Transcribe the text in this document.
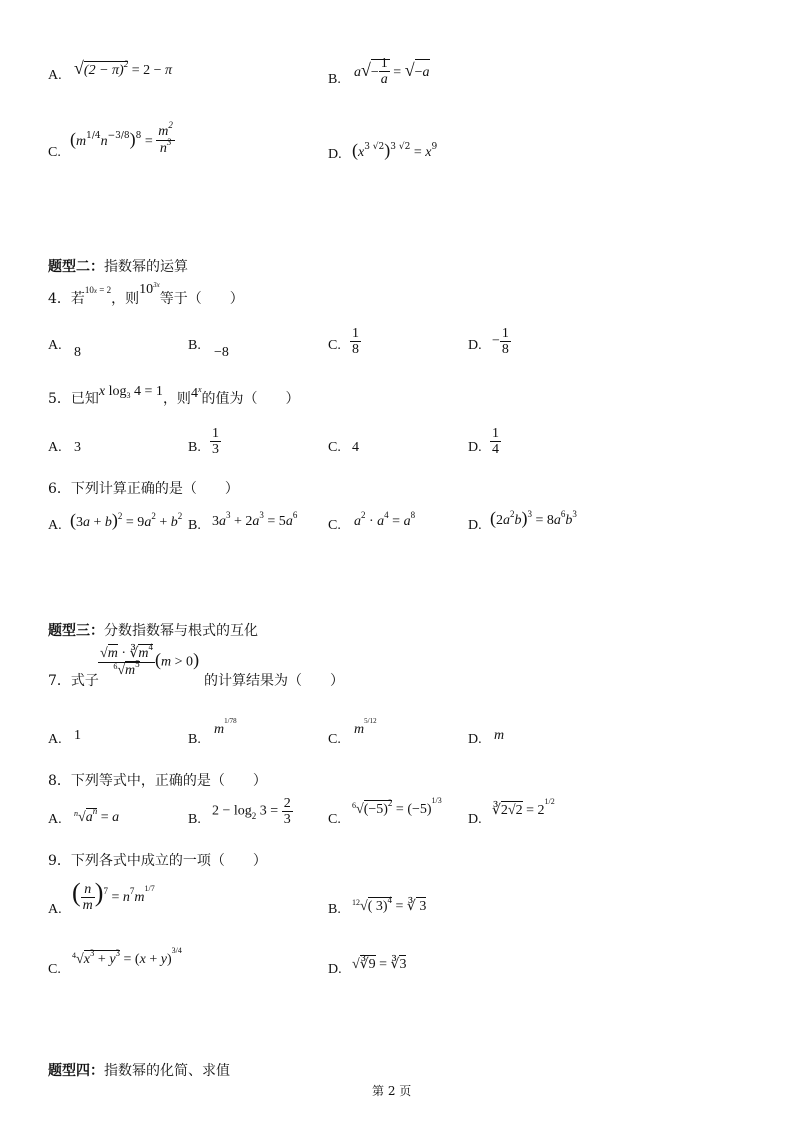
A. $√(2 - \pi)^2 = 2 - \pi$
B. $a√- \frac{1}{a} = √-a$
C.
$(m^{1/4}n^{-3/8})^8 = \frac{m^2}{n^3}$	D. $(x^{3 √2})^{3 √2} = x^9$
题型二：指数幂的运算
4．若$^{10x = 2}$，则$10^{3x}$等于（　　）
A. 8	B. −8	C. $\frac{1}{8}$	D. − $\frac{1}{8}$
5．已知x $\log_3 4 = 1$，则4$^x$的值为（　　）
A. 3	B. $\frac{1}{3}$	C. 4	D. $\frac{1}{4}$
6．下列计算正确的是（　　）
A. $(3a + b)^2 = 9a^2 + b^2$
B. $3a^3 + 2a^3 = 5a^6$
C. $a^2 \cdot a^4 = a^8$
D. $(2a^2b)^3 = 8a^6b^3$
题型三：分数指数幂与根式的互化
7．式子
$\frac{√m \cdot ∛m^4}{^6√m^5} (m > 0)$
的计算结果为（　　）
A. 1	B.
$m^{1/78}$
C.
$m^{5/12}$
D. m
8．下列等式中，正确的是（　　）
A. $^n√a^n = a$	B.
$2 - \log_2 3 = \frac{2}{3}$	C.
$^6√(-5)^2 = (-5)^{1/3}$
D.
∛2√2 = $2^{1/2}$
9．下列各式中成立的一项（　　）
A.
( $\frac{n}{m} )^7 = n^7m^{1/7}$
B. $^{12}$√( 3)$^4$ = ∛ 3
C.
$^4√x^3 + y^3 = (x + y)^{3/4}$
D. √∛9 = ∛3
题型四：指数幂的化简、求值
第 2 页
